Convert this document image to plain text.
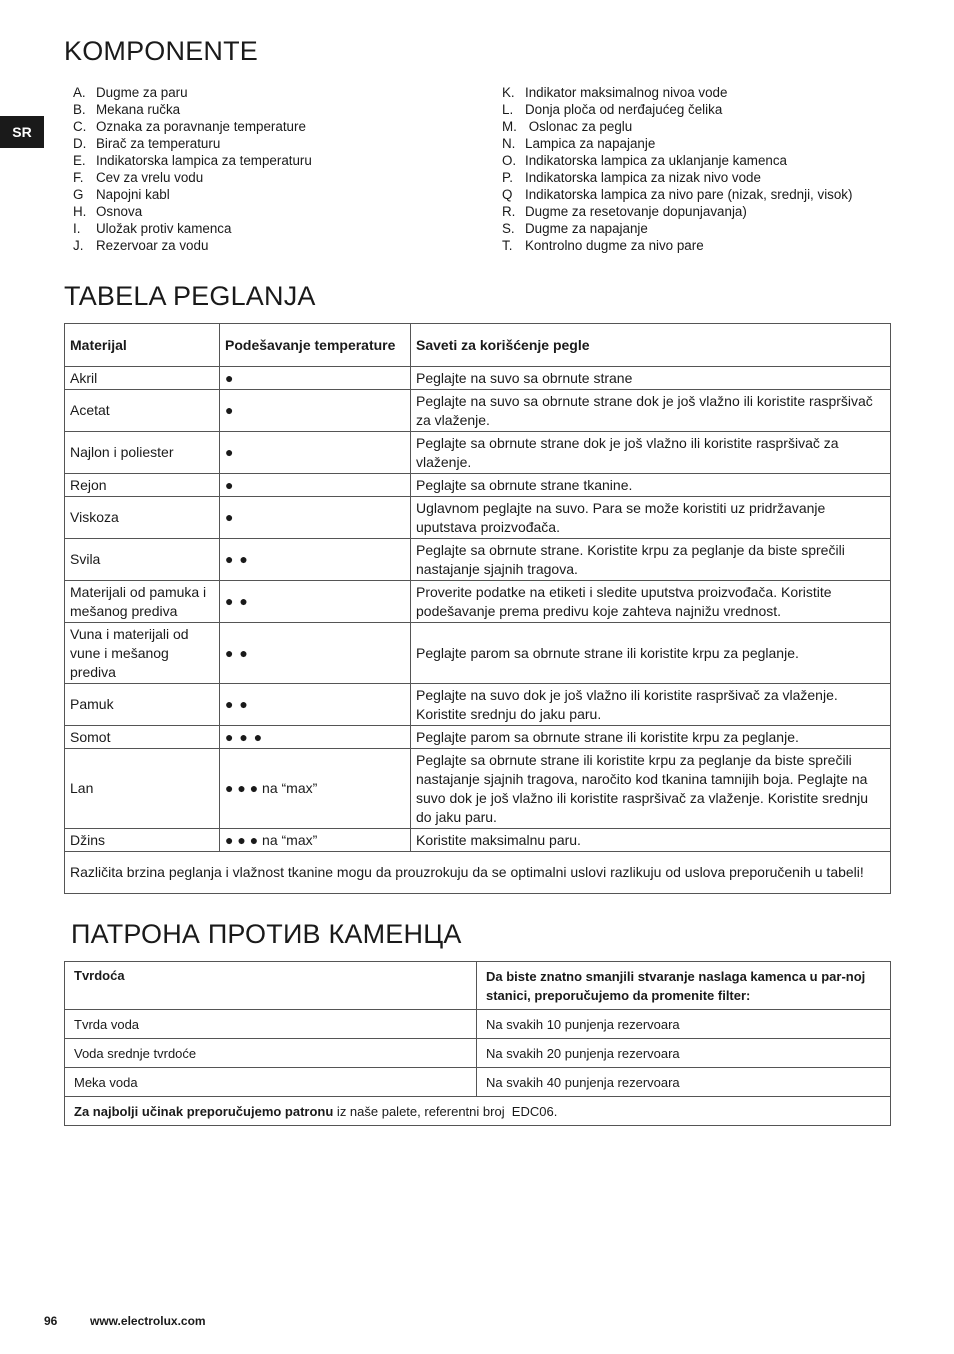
SR
KOMPONENTE
A. Dugme za paru
B. Mekana ručka
C. Oznaka za poravnanje temperature
D. Birač za temperaturu
E. Indikatorska lampica za temperaturu
F. Cev za vrelu vodu
G Napojni kabl
H. Osnova
I.	Uložak protiv kamenca
J. Rezervoar za vodu
K. Indikator maksimalnog nivoa vode
L. Donja ploča od nerđajućeg čelika
M. Oslonac za peglu
N. Lampica za napajanje
O. Indikatorska lampica za uklanjanje kamenca
P. Indikatorska lampica za nizak nivo vode
Q Indikatorska lampica za nivo pare (nizak, srednji, visok)
R. Dugme za resetovanje dopunjavanja)
S. Dugme za napajanje
T. Kontrolno dugme za nivo pare
TABELA PEGLANJA
Materijal	Podešavanje temperature	Saveti za korišćenje pegle
Akril	●	Peglajte na suvo sa obrnute strane
Acetat	●	Peglajte na suvo sa obrnute strane dok je još vlažno ili koristite raspršivač za vlaženje.
Najlon i poliester	●	Peglajte sa obrnute strane dok je još vlažno ili koristite raspršivač za vlaženje.
Rejon	●	Peglajte sa obrnute strane tkanine.
Viskoza	●	Uglavnom peglajte na suvo. Para se može koristiti uz pridržavanje uputstava proizvođača.
Svila	● ●	Peglajte sa obrnute strane. Koristite krpu za peglanje da biste sprečili nastajanje sjajnih tragova.
Materijali od pamuka i mešanog prediva	● ●	Proverite podatke na etiketi i sledite uputstva proizvođača. Koristite podešavanje prema predivu koje zahteva najnižu vrednost.
Vuna i materijali od vune i mešanog prediva	● ●	Peglajte parom sa obrnute strane ili koristite krpu za peglanje.
Pamuk	● ●	Peglajte na suvo dok je još vlažno ili koristite raspršivač za vlaženje. Koristite srednju do jaku paru.
Somot	● ● ●	Peglajte parom sa obrnute strane ili koristite krpu za peglanje.
Lan	● ● ● na “max”	Peglajte sa obrnute strane ili koristite krpu za peglanje da biste sprečili nastajanje sjajnih tragova, naročito kod tkanina tamnijih boja. Peglajte na suvo dok je još vlažno ili koristite raspršivač za vlaženje. Koristite srednju do jaku paru.
Džins	● ● ● na “max”	Koristite maksimalnu paru.
Različita brzina peglanja i vlažnost tkanine mogu da prouzrokuju da se optimalni uslovi razlikuju od uslova preporučenih u tabeli!		
ПАТРОНА ПРОТИВ КАМЕНЦА
Tvrdoća	Da biste znatno smanjili stvaranje naslaga kamenca u par-noj stanici, preporučujemo da promenite filter:
Tvrda voda	Na svakih 10 punjenja rezervoara
Voda srednje tvrdoće	Na svakih 20 punjenja rezervoara
Meka voda	Na svakih 40 punjenja rezervoara
Za najbolji učinak preporučujemo patronu iz naše palete, referentni broj  EDC06.	
96	www.electrolux.com
